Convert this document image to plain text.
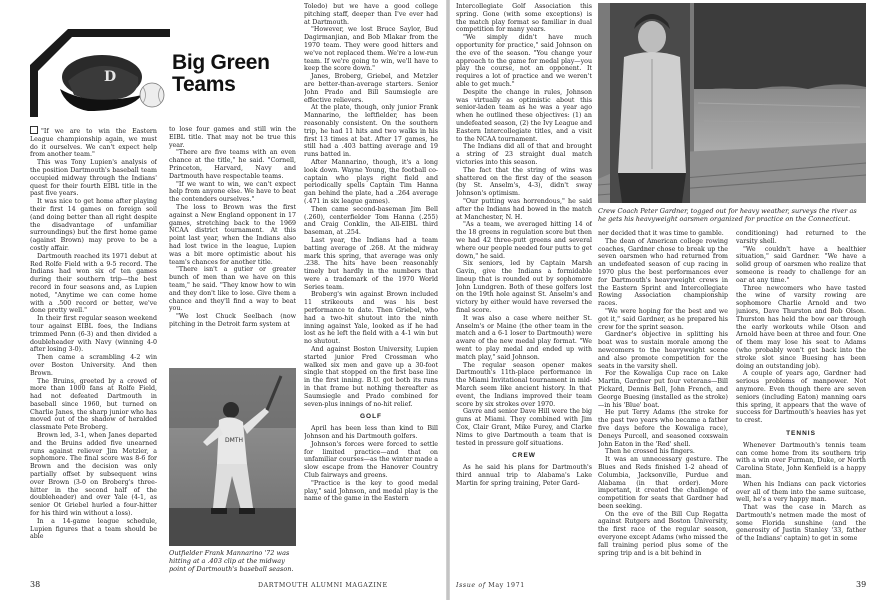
D
Big Green
Teams

"If we are to win the Eastern League championship again, we must do it ourselves. We can't expect help from another team."

This was Tony Lupien's analysis of the position Dartmouth's baseball team occupied midway through the Indians' quest for their fourth EIBL title in the past five years.

It was nice to get home after playing their first 14 games on foreign soil (and doing better than all right despite the disadvantage of unfamiliar surroundings) but the first home game (against Brown) may prove to be a costly affair.

Dartmouth reached its 1971 debut at Red Rolfe Field with a 9-5 record. The Indians had won six of ten games during their southern trip—the best record in four seasons and, as Lupien noted, "Anytime we can come home with a .500 record or better, we've done pretty well."

In their first regular season weekend tour against EIBL foes, the Indians trimmed Penn (6-3) and then divided a doubleheader with Navy (winning 4-0 after losing 3-0).

Then came a scrambling 4-2 win over Boston University. And then Brown.

The Bruins, greeted by a crowd of more than 1000 fans at Rolfe Field, had not defeated Dartmouth in baseball since 1960, but turned on Charlie Janes, the sharp junior who has moved out of the shadow of heralded classmate Pete Broberg.

Brown led, 3-1, when Janes departed and the Bruins added five unearned runs against reliever Jim Metzler, a sophomore. The final score was 8-6 for Brown and the decision was only partially offset by subsequent wins over Brown (3-0 on Broberg's three-hitter in the second half of the doubleheader) and over Yale (4-1, as senior Ot Griebel hurled a four-hitter for his third win without a loss).

In a 14-game league schedule, Lupien figures that a team should be able

to lose four games and still win the EIBL title. That may not be true this year.

"There are five teams with an even chance at the title," he said. "Cornell, Princeton, Harvard, Navy and Dartmouth have respectable teams.

"If we want to win, we can't expect help from anyone else. We have to beat the contenders ourselves."

The loss to Brown was the first against a New England opponent in 17 games, stretching back to the 1969 NCAA district tournament. At this point last year, when the Indians also had lost twice in the league, Lupien was a bit more optimistic about his team's chances for another title.

"There isn't a gutier or greater bunch of men than we have on this team," he said. "They know how to win and they don't like to lose. Give them a chance and they'll find a way to beat you.

"We lost Chuck Seelbach (now pitching in the Detroit farm system at

DMTH
Outfielder Frank Mannarino '72 was hitting at a .403 clip at the midway point of Dartmouth's baseball season.

Toledo) but we have a good college pitching staff, deeper than I've ever had at Dartmouth.

"However, we lost Bruce Saylor, Bud Dagirmanjian, and Bob Mlakar from the 1970 team. They were good hitters and we've not replaced them. We're a low-run team. If we're going to win, we'll have to keep the score down."

Janes, Broberg, Griebel, and Metzler are better-than-average starters. Senior John Prado and Bill Saumsiegle are effective relievers.

At the plate, though, only junior Frank Mannarino, the leftfielder, has been reasonably consistent. On the southern trip, he had 11 hits and two walks in his first 13 times at bat. After 17 games, he still had a .403 batting average and 19 runs batted in.

After Mannarino, though, it's a long look down. Wayne Young, the football co-captain who plays right field and periodically spells Captain Tim Hanna gan behind the plate, had a .264 average (.471 in six league games).

Then came second-baseman Jim Bell (.260), centerfielder Tom Hanna (.255) and Craig Conklin, the All-EIBL third baseman, at .254.

Last year, the Indians had a team batting average of .268. At the midway mark this spring, that average was only .238. The hits have been reasonably timely but hardly in the numbers that were a trademark of the 1970 World Series team.

Broberg's win against Brown included 11 strikeouts and was his best performance to date. Then Griebel, who had a two-hit shutout into the ninth inning against Yale, looked as if he had lost as he left the field with a 4-1 win but no shutout.

And against Boston University, Lupien started junior Fred Crossman who walked six men and gave up a 30-foot single that stopped on the first base line in the first inning. B.U. got both its runs in that frame but nothing thereafter as Saumsiegle and Prado combined for seven-plus innings of no-hit relief.

GOLF

April has been less than kind to Bill Johnson and his Dartmouth golfers.

Johnson's forces were forced to settle for limited practice—and that on unfamiliar courses—as the winter made a slow escape from the Hanover Country Club fairways and greens.

"Practice is the key to good medal play," said Johnson, and medal play is the name of the game in the Eastern

38	DARTMOUTH ALUMNI MAGAZINE

Intercollegiate Golf Association this spring. Gone (with some exceptions) is the match play format so familiar in dual competition for many years.

"We simply didn't have much opportunity for practice," said Johnson on the eve of the season. "You change your approach to the game for medal play—you play the course, not an opponent. It requires a lot of practice and we weren't able to get much."

Despite the change in rules, Johnson was virtually as optimistic about this senior-laden team as he was a year ago when he outlined these objectives: (1) an undefeated season, (2) the Ivy League and Eastern Intercollegiate titles, and a visit to the NCAA tournament.

The Indians did all of that and brought a string of 23 straight dual match victories into this season.

The fact that the string of wins was shattered on the first day of the season (by St. Anselm's, 4-3), didn't sway Johnson's optimism.

"Our putting was horrendous," he said after the Indians had bowed in the match at Manchester, N. H.

"As a team, we averaged hitting 14 of the 18 greens in regulation score but then we had 42 three-putt greens and several where our people needed four putts to get down," he said.

Six seniors, led by Captain Marsh Gavin, give the Indians a formidable lineup that is rounded out by sophomore John Lundgren. Both of these golfers lost on the 19th hole against St. Anselm's and victory by either would have reversed the final score.

It was also a case where neither St. Anselm's or Maine (the other team in the match and a 6-1 loser to Dartmouth) were aware of the new medal play format. "We went to play medal and ended up with match play," said Johnson.

The regular season opener makes Dartmouth's 11th-place performance in the Miami Invitational tournament in mid-March seem like ancient history. In that event, the Indians improved their team score by six strokes over 1970.

Gavre and senior Dave Hill were the big guns at Miami. They combined with Jim Cox, Clair Grant, Mike Furey, and Clarke Nims to give Dartmouth a team that is tested in pressure golf situations.

CREW

As he said his plans for Dartmouth's third annual trip to Alabama's Lake Martin for spring training, Peter Gard-

Crew Coach Peter Gardner, togged out for heavy weather, surveys the river as he gets his heavyweight oarsmen organized for practice on the Connecticut.

ner decided that it was time to gamble.

The dean of American college rowing coaches, Gardner chose to break up the seven oarsmen who had returned from an undefeated season of cup racing in 1970 plus the best performances ever for Dartmouth's heavyweight crews in the Eastern Sprint and Intercollegiate Rowing Association championship races.

"We were hoping for the best and we got it," said Gardner, as he prepared his crew for the sprint season.

Gardner's objective in splitting his boat was to sustain morale among the newcomers to the heavyweight scene and also promote competition for the seats in the varsity shell.

For the Kowaliga Cup race on Lake Martin, Gardner put four veterans—Bill Pickard, Dennis Bell, John French, and George Buesing (installed as the stroke)—in his 'Blue' boat.

He put Terry Adams (the stroke for the past two years who became a father five days before the Kowaliga race), Deneys Purcell, and seasoned coxswain John Eaton in the 'Red' shell.

Then he crossed his fingers.

It was an unnecessary gesture. The Blues and Reds finished 1-2 ahead of Columbia, Jacksonville, Purdue and Alabama (in that order). More important, it created the challenge of competition for seats that Gardner had been seeking.

On the eve of the Bill Cup Regatta against Rutgers and Boston University, the first race of the regular season, everyone except Adams (who missed the fall training period plus some of the spring trip and is a bit behind in

conditioning) had returned to the varsity shell.

"We couldn't have a healthier situation," said Gardner. "We have a solid group of oarsmen who realize that someone is ready to challenge for an oar at any time."

Three newcomers who have tasted the wine of varsity rowing are sophomore Charlie Arnold and two juniors, Dave Thurston and Bob Olson. Thurston has held the bow oar through the early workouts while Olson and Arnold have been at three and four. One of them may lose his seat to Adams (who probably won't get back into the stroke slot since Buesing has been doing an outstanding job).

A couple of years ago, Gardner had serious problems of manpower. Not anymore. Even though there are seven seniors (including Eaton) manning oars this spring, it appears that the wave of success for Dartmouth's heavies has yet to crest.

TENNIS

Whenever Dartmouth's tennis team can come home from its southern trip with a win over Furman, Duke, or North Carolina State, John Kenfield is a happy man.

When his Indians can pack victories over all of them into the same suitcase, well, he's a very happy man.

That was the case in March as Dartmouth's netmen made the most of some Florida sunshine (and the generosity of Justin Stanley '33, father of the Indians' captain) to get in some

Issue of May 1971	39
